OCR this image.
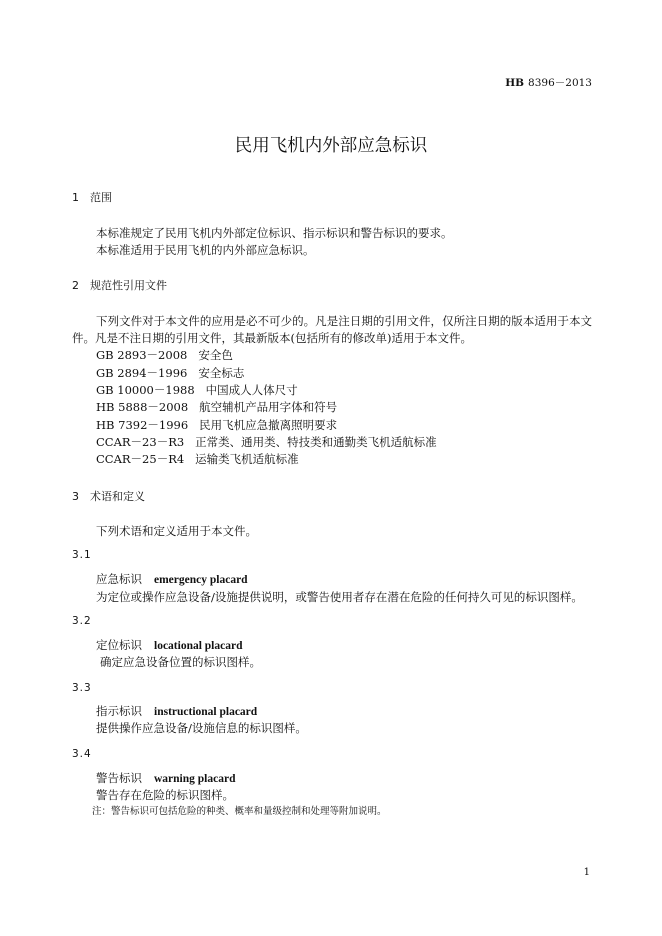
HB 8396－2013
民用飞机内外部应急标识
1 范围

本标准规定了民用飞机内外部定位标识、指示标识和警告标识的要求。

本标准适用于民用飞机的内外部应急标识。

2 规范性引用文件

下列文件对于本文件的应用是必不可少的。凡是注日期的引用文件，仅所注日期的版本适用于本文件。凡是不注日期的引用文件，其最新版本(包括所有的修改单)适用于本文件。

GB 2893－2008 安全色
GB 2894－1996 安全标志
GB 10000－1988 中国成人人体尺寸
HB 5888－2008 航空辅机产品用字体和符号
HB 7392－1996 民用飞机应急撤离照明要求
CCAR－23－R3 正常类、通用类、特技类和通勤类飞机适航标准
CCAR－25－R4 运输类飞机适航标准
3 术语和定义

下列术语和定义适用于本文件。

3.1
应急标识 emergency placard
为定位或操作应急设备/设施提供说明，或警告使用者存在潜在危险的任何持久可见的标识图样。
3.2
定位标识 locational placard
确定应急设备位置的标识图样。
3.3
指示标识 instructional placard
提供操作应急设备/设施信息的标识图样。
3.4
警告标识 warning placard
警告存在危险的标识图样。
注：警告标识可包括危险的种类、概率和量级控制和处理等附加说明。
1
